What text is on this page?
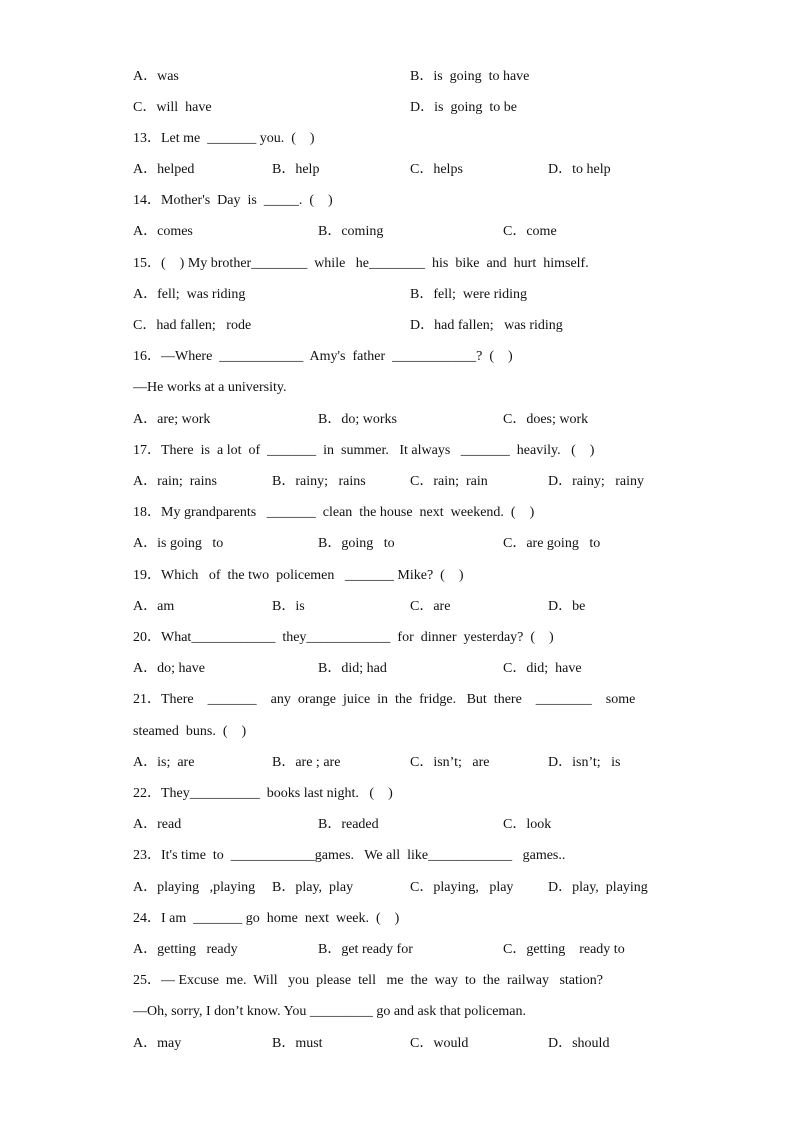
A．was	B．is  going  to have
C．will  have	D．is  going  to be
13．Let me  _______ you.  (    )
A．helped	B．help	C．helps	D．to help
14．Mother's  Day  is  _____.  (    )
A．comes	B．coming	C．come
15．(    ) My brother________  while   he________  his  bike  and  hurt  himself.
A．fell;  was riding	B．fell;  were riding
C．had fallen;   rode	D．had fallen;   was riding
16．—Where  ____________  Amy's  father  ____________?  (    )
—He works at a university.
A．are; work	B．do; works	C．does; work
17．There  is  a lot  of  _______  in  summer.   It always   _______  heavily.   (    )
A．rain;  rains	B．rainy;   rains	C．rain;  rain	D．rainy;   rainy
18．My grandparents   _______  clean  the house  next  weekend.  (    )
A．is going   to	B．going   to	C．are going   to
19．Which   of  the two  policemen   _______ Mike?  (    )
A．am	B．is	C．are	D．be
20．What____________  they____________  for  dinner  yesterday?  (    )
A．do; have	B．did; had	C．did;  have
21．There    _______    any  orange  juice  in  the  fridge.   But  there    ________    some
steamed  buns.  (    )
A．is;  are	B．are ; are	C．isn’t;   are	D．isn’t;   is
22．They__________  books last night.   (    )
A．read	B．readed	C．look
23．It's time  to  ____________games.   We all  like____________   games..
A．playing   ,playing B．play,  play	C．playing,   play D．play,  playing
24．I am  _______ go  home  next  week.  (    )
A．getting   ready	B．get ready for	C．getting    ready to
25．— Excuse  me.  Will   you  please  tell   me  the  way  to  the  railway   station?
—Oh, sorry, I don’t know. You _________ go and ask that policeman.
A．may	B．must	C．would	D．should
